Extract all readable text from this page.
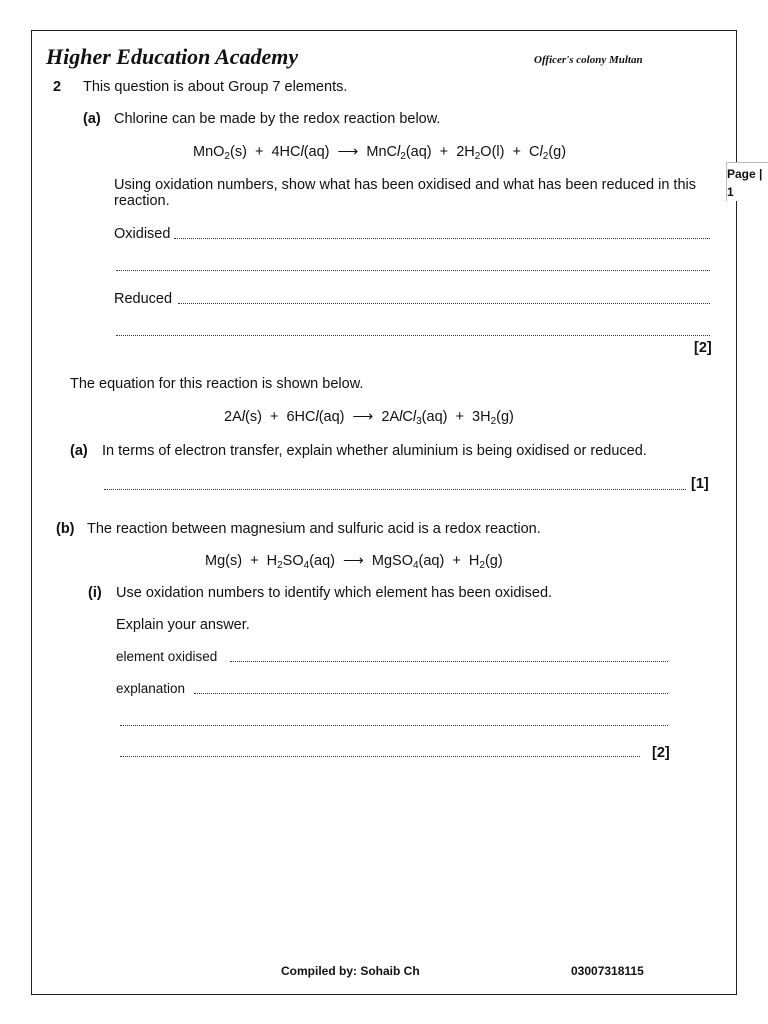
Higher Education Academy	Officer's colony Multan
Page |
1
2 This question is about Group 7 elements.
(a) Chlorine can be made by the redox reaction below.
MnO$_2$(s)  +  4HCl(aq)  ⟶  MnCl$_2$(aq)  +  $2H_2O(l) + Cl_2(g)$
Using oxidation numbers, show what has been oxidised and what has been reduced in this
reaction.
Oxidised
Reduced
[2]
The equation for this reaction is shown below.
2Al(s)  +  6HCl(aq)  ⟶  2AlCl$_3$(aq)  +  $3H_2(g)$
(a) In terms of electron transfer, explain whether aluminium is being oxidised or reduced.
[1]
(b) The reaction between magnesium and sulfuric acid is a redox reaction.
$Mg(s) + H_2SO_4(aq)$  ⟶  MgSO$_4$(aq)  +  $H_2(g)$
(i) Use oxidation numbers to identify which element has been oxidised.
Explain your answer.
element oxidised
explanation
[2]
Compiled by: Sohaib Ch	03007318115
